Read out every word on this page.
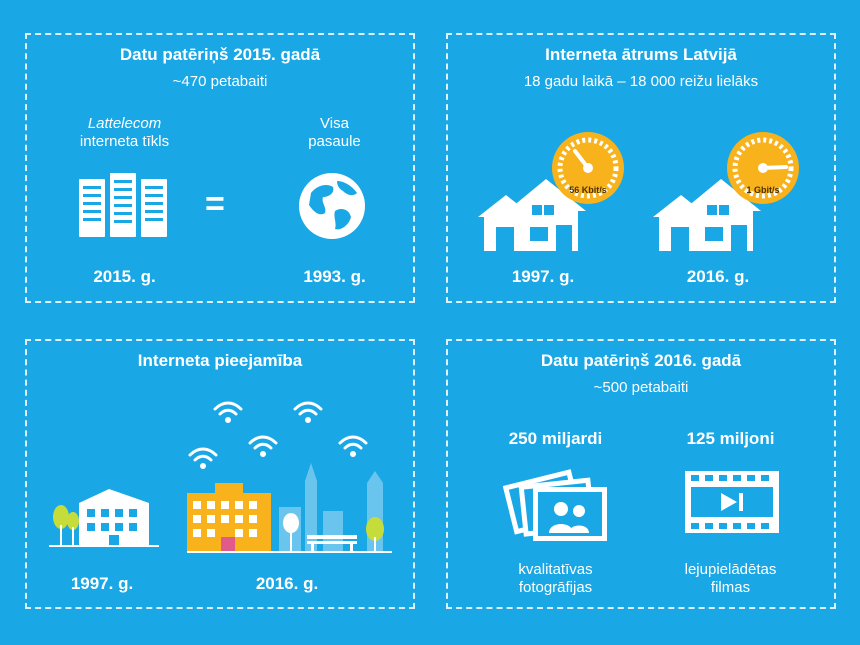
Datu patēriņš 2015. gadā
~470 petabaiti
Lattelecom
interneta tīkls
Visa
pasaule
=
2015. g.	1993. g.
Interneta ātrums Latvijā
18 gadu laikā – 18 000 reižu lielāks
56 Kbit/s	1 Gbit/s
1997. g.	2016. g.
Interneta pieejamība
1997. g.	2016. g.
Datu patēriņš 2016. gadā
~500 petabaiti
250 miljardi	125 miljoni
kvalitatīvas
fotogrāfijas
lejupielādētas
filmas
